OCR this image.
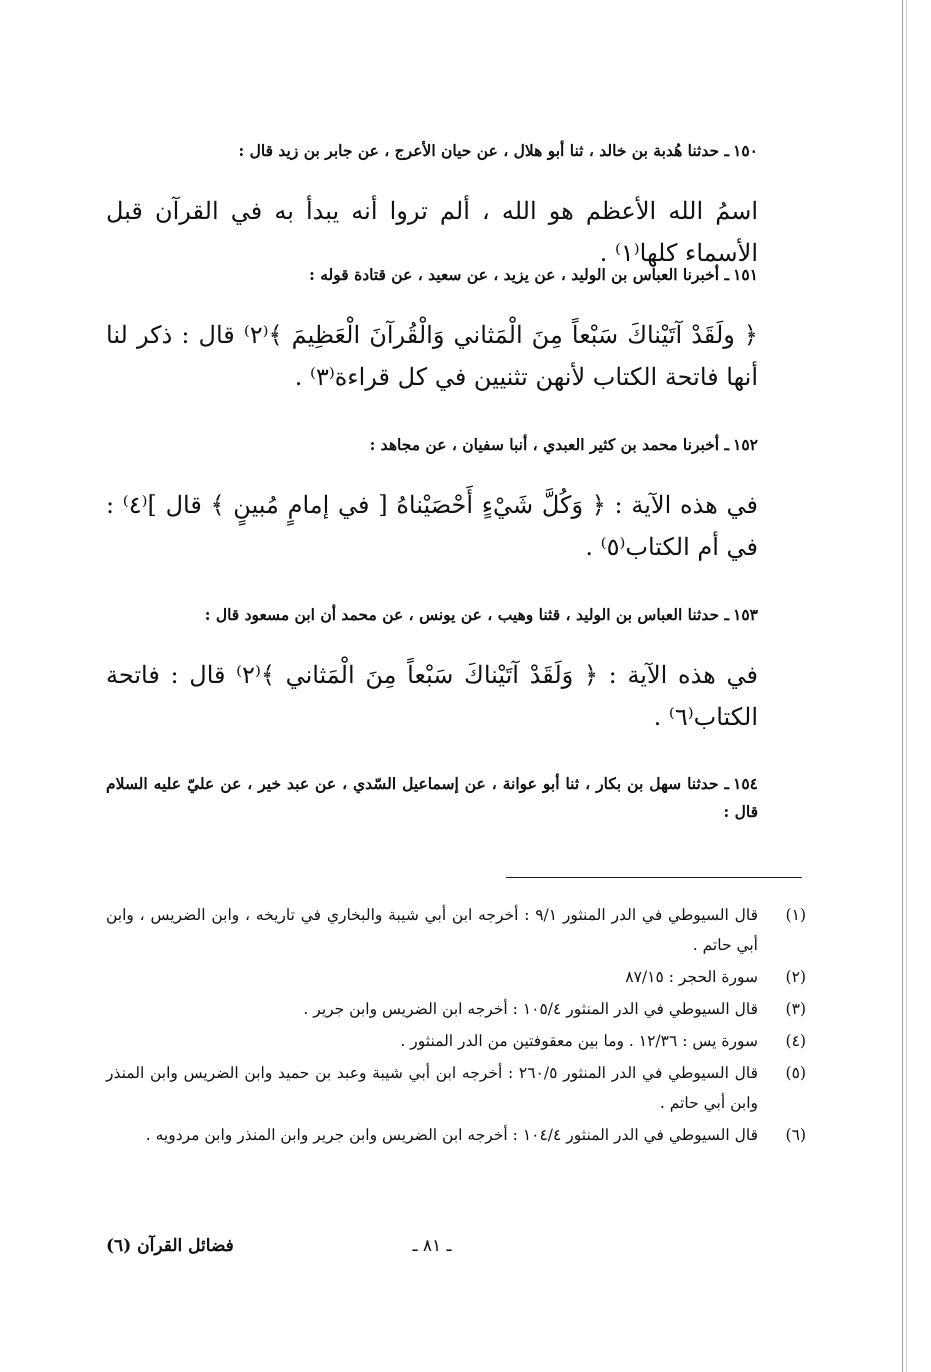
١٥٠ـ حدثنا هُدبة بن خالد ، ثنا أبو هلال ، عن حيان الأعرج ، عن جابر بن زيد قال :
اسمُ الله الأعظم هو الله ، ألم تروا أنه يبدأ به في القرآن قبل الأسماء كلها⁽١⁾ .
١٥١ـ أخبرنا العباس بن الوليد ، عن يزيد ، عن سعيد ، عن قتادة قوله :
﴿ ولَقَدْ آتَيْناكَ سَبْعاً مِنَ الْمَثاني وَالْقُرآنَ الْعَظِيمَ ﴾⁽٢⁾ قال : ذكر لنا أنها فاتحة الكتاب لأنهن تثنيين في كل قراءة⁽٣⁾ .
١٥٢ـ أخبرنا محمد بن كثير العبدي ، أنبا سفيان ، عن مجاهد :
في هذه الآية : ﴿ وَكُلَّ شَيْءٍ أَحْصَيْناهُ [ في إمامٍ مُبينٍ ﴾ قال ]⁽٤⁾ : في أم الكتاب⁽٥⁾ .
١٥٣ـ حدثنا العباس بن الوليد ، قثنا وهيب ، عن يونس ، عن محمد أن ابن مسعود قال :
في هذه الآية : ﴿ وَلَقَدْ آتَيْناكَ سَبْعاً مِنَ الْمَثاني ﴾⁽٢⁾ قال : فاتحة الكتاب⁽٦⁾ .
١٥٤ـ حدثنا سهل بن بكار ، ثنا أبو عوانة ، عن إسماعيل السّدي ، عن عبد خير ، عن عليّ عليه السلام قال :
(١)
قال السيوطي في الدر المنثور ٩/١ : أخرجه ابن أبي شيبة والبخاري في تاريخه ، وابن الضريس ، وابن أبي حاتم .
(٢)
سورة الحجر : ٨٧/١٥
(٣)
قال السيوطي في الدر المنثور ١٠٥/٤ : أخرجه ابن الضريس وابن جرير .
(٤)
سورة يس : ١٢/٣٦ . وما بين معقوفتين من الدر المنثور .
(٥)
قال السيوطي في الدر المنثور ٢٦٠/٥ : أخرجه ابن أبي شيبة وعبد بن حميد وابن الضريس وابن المنذر وابن أبي حاتم .
(٦)
قال السيوطي في الدر المنثور ١٠٤/٤ : أخرجه ابن الضريس وابن جرير وابن المنذر وابن مردويه .
ـ ٨١ ـ
فضائل القرآن (٦)
